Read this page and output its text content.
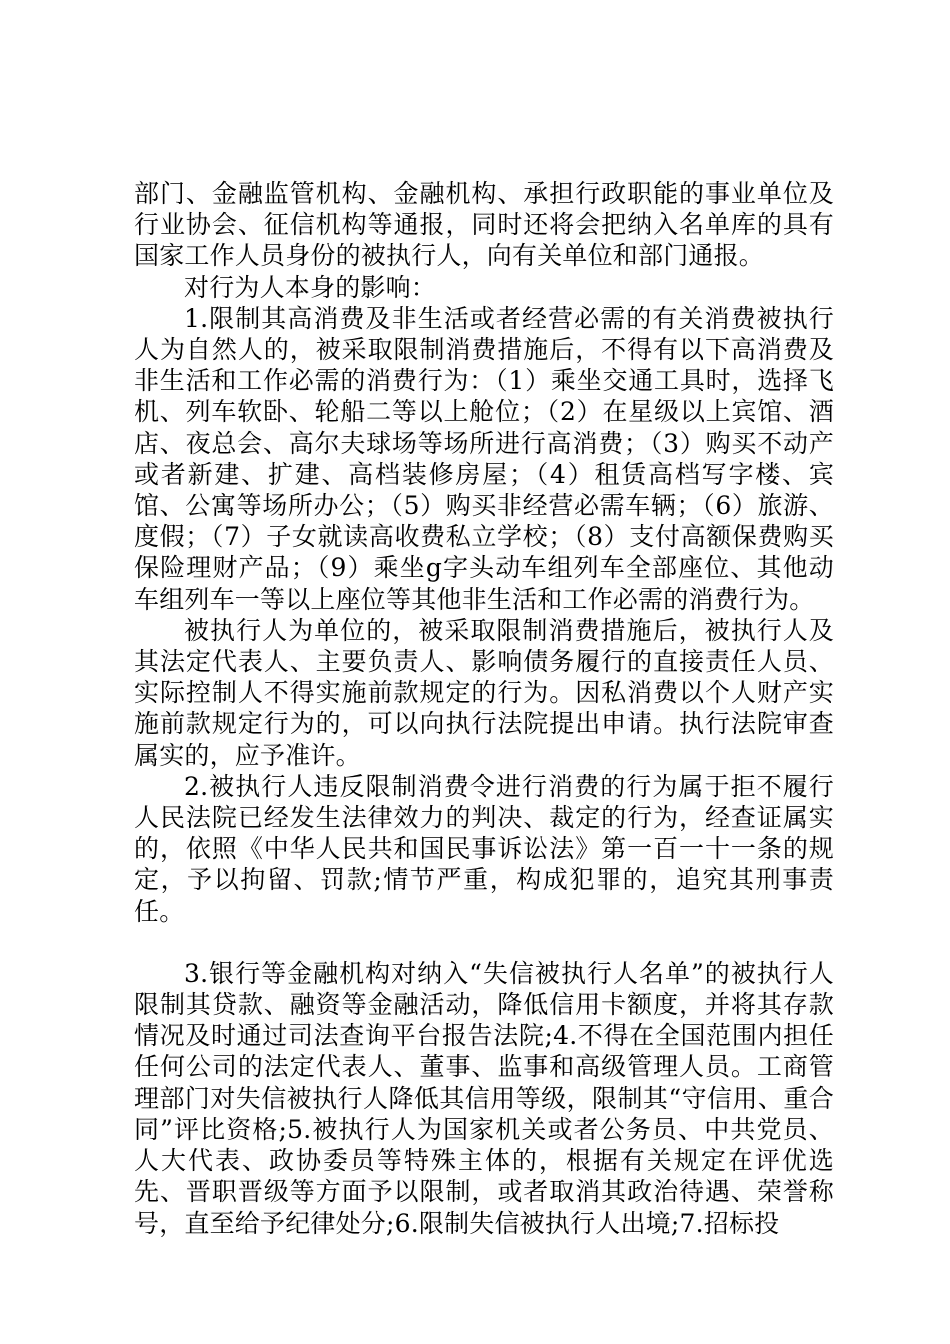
部门、金融监管机构、金融机构、承担行政职能的事业单位及行业协会、征信机构等通报，同时还将会把纳入名单库的具有国家工作人员身份的被执行人，向有关单位和部门通报。

对行为人本身的影响：

1.限制其高消费及非生活或者经营必需的有关消费被执行人为自然人的，被采取限制消费措施后，不得有以下高消费及非生活和工作必需的消费行为：（1）乘坐交通工具时，选择飞机、列车软卧、轮船二等以上舱位；（2）在星级以上宾馆、酒店、夜总会、高尔夫球场等场所进行高消费；（3）购买不动产或者新建、扩建、高档装修房屋；（4）租赁高档写字楼、宾馆、公寓等场所办公；（5）购买非经营必需车辆；（6）旅游、度假；（7）子女就读高收费私立学校；（8）支付高额保费购买保险理财产品；（9）乘坐g字头动车组列车全部座位、其他动车组列车一等以上座位等其他非生活和工作必需的消费行为。

被执行人为单位的，被采取限制消费措施后，被执行人及其法定代表人、主要负责人、影响债务履行的直接责任人员、实际控制人不得实施前款规定的行为。因私消费以个人财产实施前款规定行为的，可以向执行法院提出申请。执行法院审查属实的，应予准许。

2.被执行人违反限制消费令进行消费的行为属于拒不履行人民法院已经发生法律效力的判决、裁定的行为，经查证属实的，依照《中华人民共和国民事诉讼法》第一百一十一条的规定，予以拘留、罚款;情节严重，构成犯罪的，追究其刑事责任。

3.银行等金融机构对纳入“失信被执行人名单”的被执行人限制其贷款、融资等金融活动，降低信用卡额度，并将其存款情况及时通过司法查询平台报告法院;4.不得在全国范围内担任任何公司的法定代表人、董事、监事和高级管理人员。工商管理部门对失信被执行人降低其信用等级，限制其“守信用、重合同”评比资格;5.被执行人为国家机关或者公务员、中共党员、人大代表、政协委员等特殊主体的，根据有关规定在评优选先、晋职晋级等方面予以限制，或者取消其政治待遇、荣誉称号，直至给予纪律处分;6.限制失信被执行人出境;7.招标投
